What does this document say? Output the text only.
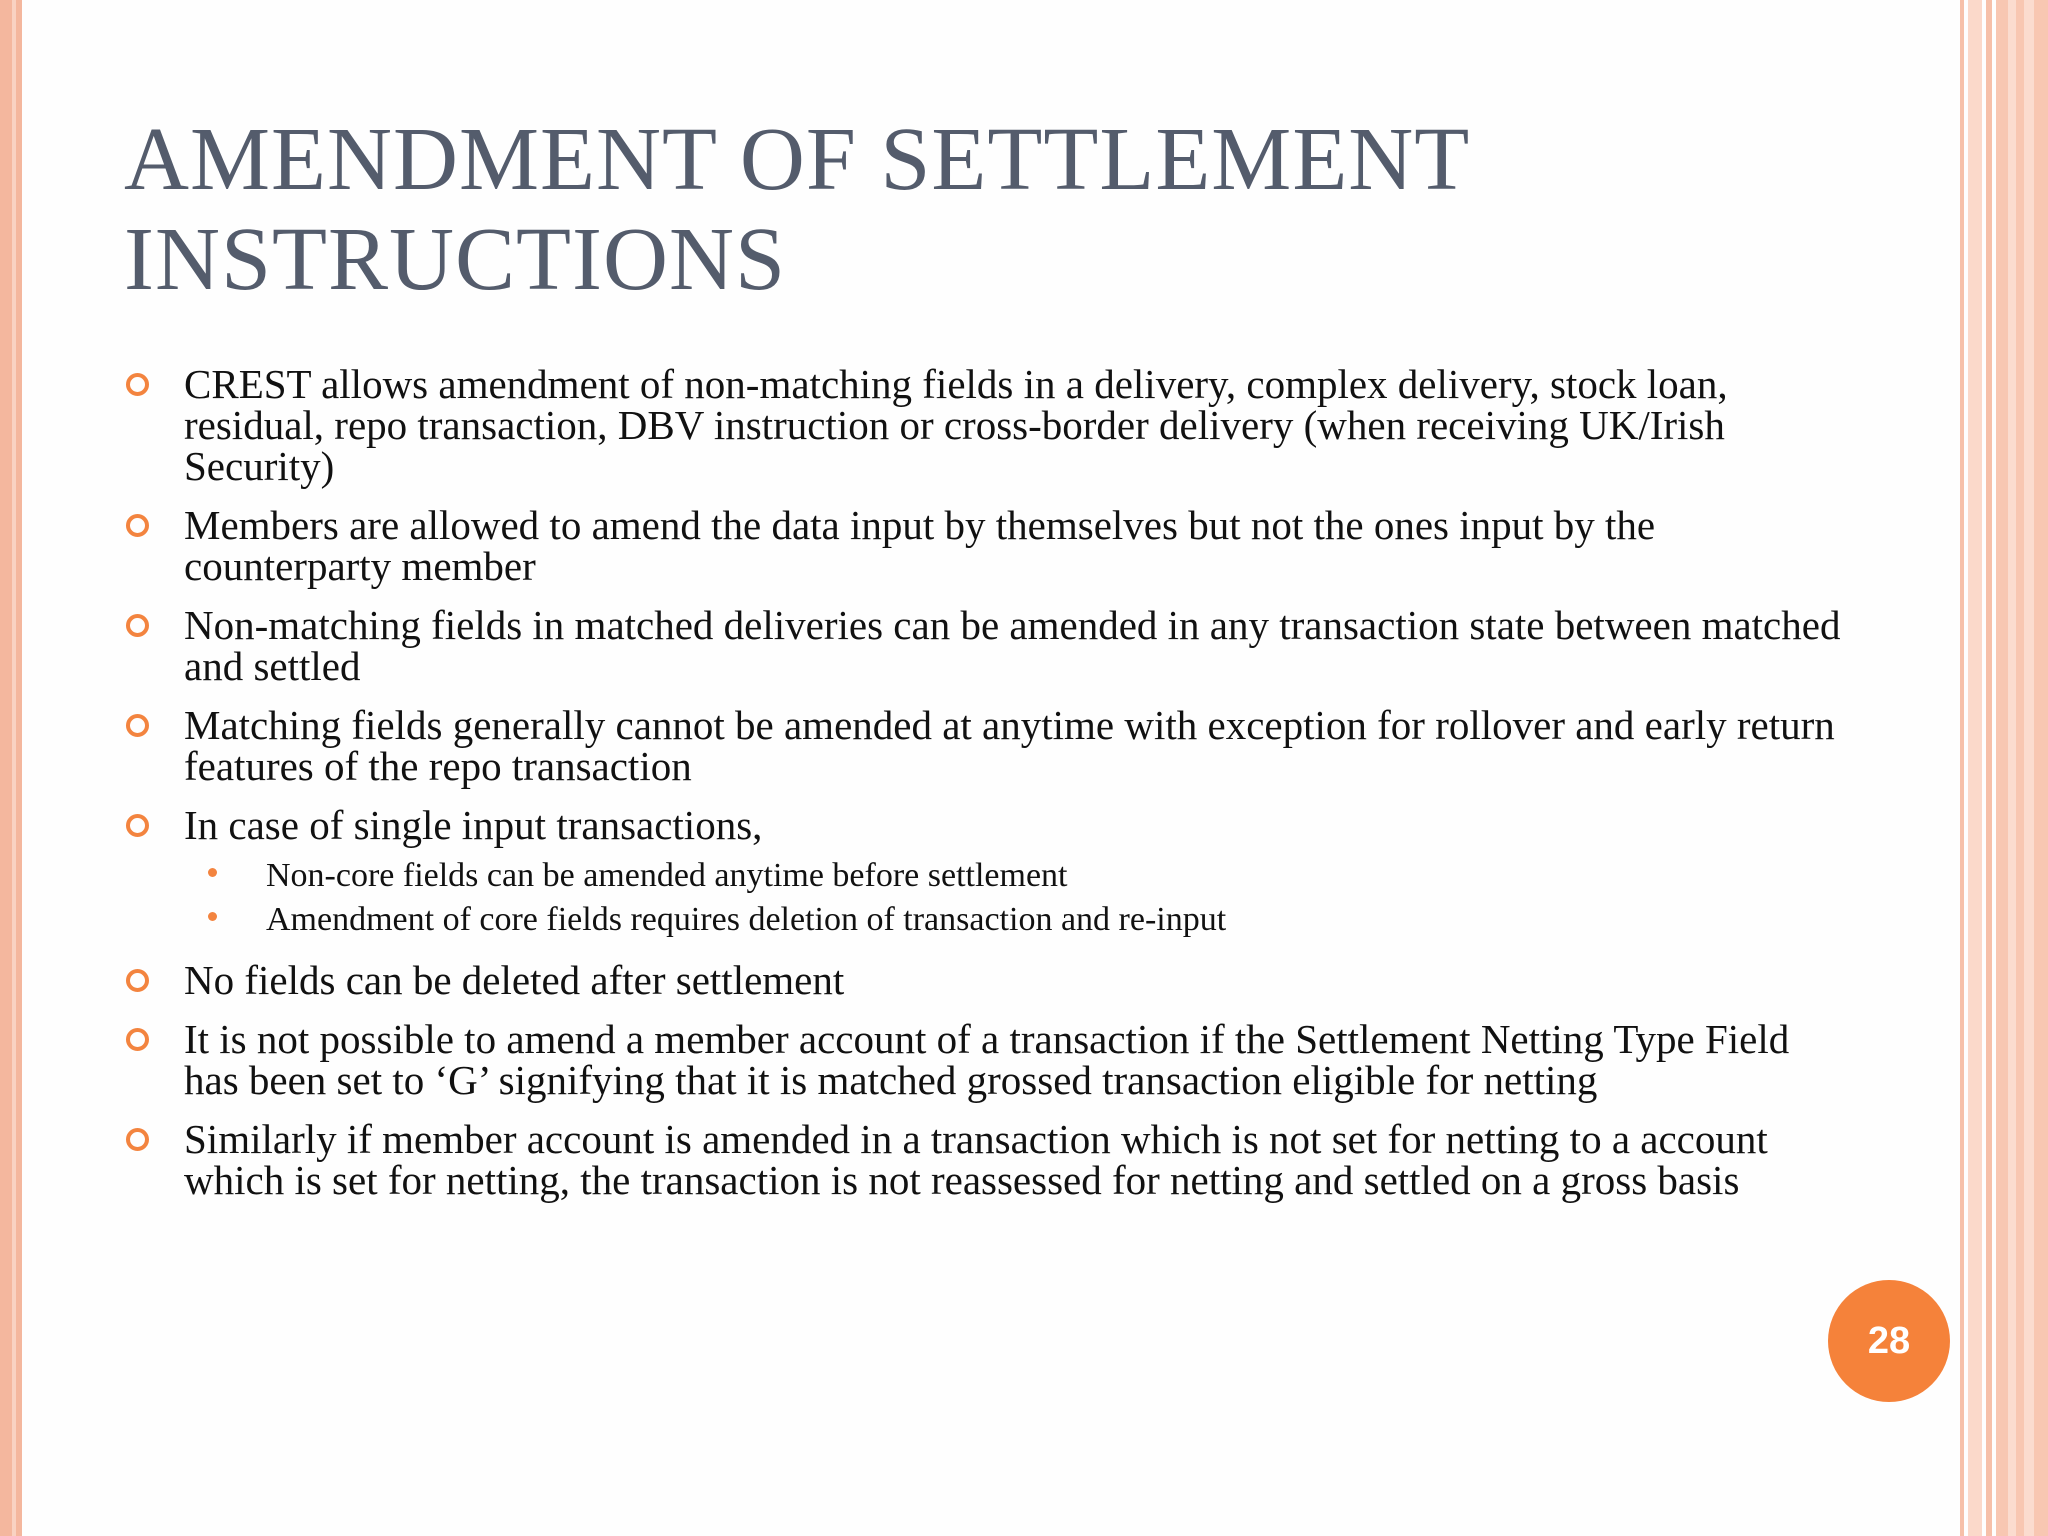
AMENDMENT OF SETTLEMENT
INSTRUCTIONS
CREST allows amendment of non-matching fields in a delivery, complex delivery, stock loan, residual, repo transaction, DBV instruction or cross-border delivery (when receiving UK/Irish Security)
Members are allowed to amend the data input by themselves but not the ones input by the counterparty member
Non-matching fields in matched deliveries can be amended in any transaction state between matched and settled
Matching fields generally cannot be amended at anytime with exception for rollover and early return features of the repo transaction
In case of single input transactions,
Non-core fields can be amended anytime before settlement
Amendment of core fields requires deletion of transaction and re-input
No fields can be deleted after settlement
It is not possible to amend a member account of a transaction if the Settlement Netting Type Field has been set to ‘G’ signifying that it is matched grossed transaction eligible for netting
Similarly if member account is amended in a transaction which is not set for netting to a account which is set for netting, the transaction is not reassessed for netting and settled on a gross basis
28
